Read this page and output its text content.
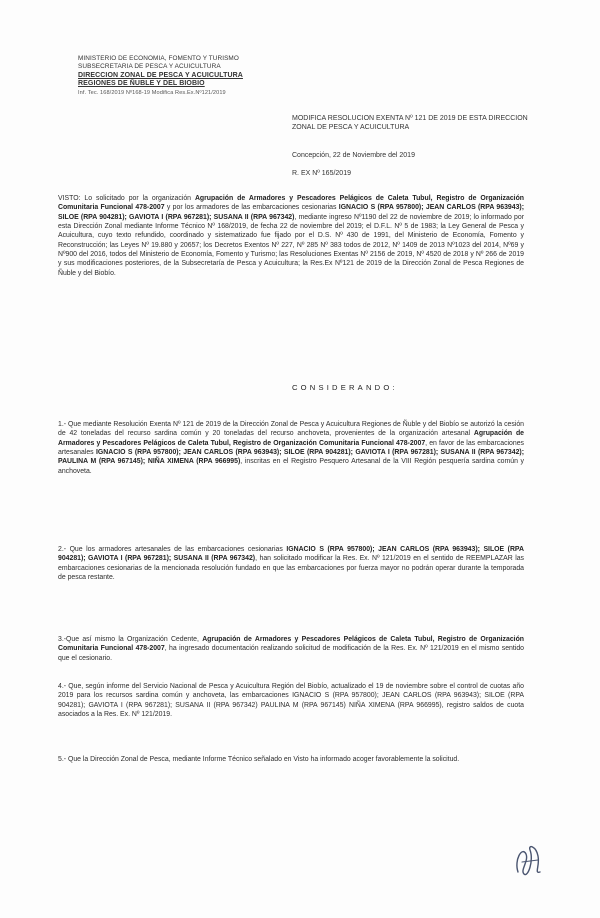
MINISTERIO DE ECONOMIA, FOMENTO Y TURISMO
SUBSECRETARIA DE PESCA Y ACUICULTURA
DIRECCION ZONAL DE PESCA Y ACUICULTURA
REGIONES DE ÑUBLE Y DEL BIOBIO
Inf. Tec. 168/2019 Nº168-19 Modifica Res.Ex.Nº121/2019
MODIFICA RESOLUCION EXENTA Nº 121 DE 2019 DE ESTA DIRECCION ZONAL DE PESCA Y ACUICULTURA
Concepción, 22 de Noviembre del 2019
R. EX Nº 165/2019
VISTO: Lo solicitado por la organización Agrupación de Armadores y Pescadores Pelágicos de Caleta Tubul, Registro de Organización Comunitaria Funcional 478-2007 y por los armadores de las embarcaciones cesionarias IGNACIO S (RPA 957800); JEAN CARLOS (RPA 963943); SILOE (RPA 904281); GAVIOTA I (RPA 967281); SUSANA II (RPA 967342), mediante ingreso Nº1190 del 22 de noviembre de 2019; lo informado por esta Dirección Zonal mediante Informe Técnico Nº 168/2019, de fecha 22 de noviembre del 2019; el D.F.L. Nº 5 de 1983; la Ley General de Pesca y Acuicultura, cuyo texto refundido, coordinado y sistematizado fue fijado por el D.S. Nº 430 de 1991, del Ministerio de Economía, Fomento y Reconstrucción; las Leyes Nº 19.880 y 20657; los Decretos Exentos Nº 227, Nº 285 Nº 383 todos de 2012, Nº 1409 de 2013 Nº1023 del 2014, Nº69 y Nº900 del 2016, todos del Ministerio de Economía, Fomento y Turismo; las Resoluciones Exentas Nº 2156 de 2019, Nº 4520 de 2018 y Nº 266 de 2019 y sus modificaciones posteriores, de la Subsecretaría de Pesca y Acuicultura; la Res.Ex Nº121 de 2019 de la Dirección Zonal de Pesca Regiones de Ñuble y del Biobío.
CONSIDERANDO:
1.- Que mediante Resolución Exenta Nº 121 de 2019 de la Dirección Zonal de Pesca y Acuicultura Regiones de Ñuble y del Biobío se autorizó la cesión de 42 toneladas del recurso sardina común y 20 toneladas del recurso anchoveta, provenientes de la organización artesanal Agrupación de Armadores y Pescadores Pelágicos de Caleta Tubul, Registro de Organización Comunitaria Funcional 478-2007, en favor de las embarcaciones artesanales IGNACIO S (RPA 957800); JEAN CARLOS (RPA 963943); SILOE (RPA 904281); GAVIOTA I (RPA 967281); SUSANA II (RPA 967342); PAULINA M (RPA 967145); NIÑA XIMENA (RPA 966995), inscritas en el Registro Pesquero Artesanal de la VIII Región pesquería sardina común y anchoveta.
2.- Que los armadores artesanales de las embarcaciones cesionarias IGNACIO S (RPA 957800); JEAN CARLOS (RPA 963943); SILOE (RPA 904281); GAVIOTA I (RPA 967281); SUSANA II (RPA 967342), han solicitado modificar la Res. Ex. Nº 121/2019 en el sentido de REEMPLAZAR las embarcaciones cesionarias de la mencionada resolución fundado en que las embarcaciones por fuerza mayor no podrán operar durante la temporada de pesca restante.
3.-Que así mismo la Organización Cedente, Agrupación de Armadores y Pescadores Pelágicos de Caleta Tubul, Registro de Organización Comunitaria Funcional 478-2007, ha ingresado documentación realizando solicitud de modificación de la Res. Ex. Nº 121/2019 en el mismo sentido que el cesionario.
4.- Que, según informe del Servicio Nacional de Pesca y Acuicultura Región del Biobío, actualizado el 19 de noviembre sobre el control de cuotas año 2019 para los recursos sardina común y anchoveta, las embarcaciones IGNACIO S (RPA 957800); JEAN CARLOS (RPA 963943); SILOE (RPA 904281); GAVIOTA I (RPA 967281); SUSANA II (RPA 967342) PAULINA M (RPA 967145) NIÑA XIMENA (RPA 966995), registro saldos de cuota asociados a la Res. Ex. Nº 121/2019.
5.- Que la Dirección Zonal de Pesca, mediante Informe Técnico señalado en Visto ha informado acoger favorablemente la solicitud.
